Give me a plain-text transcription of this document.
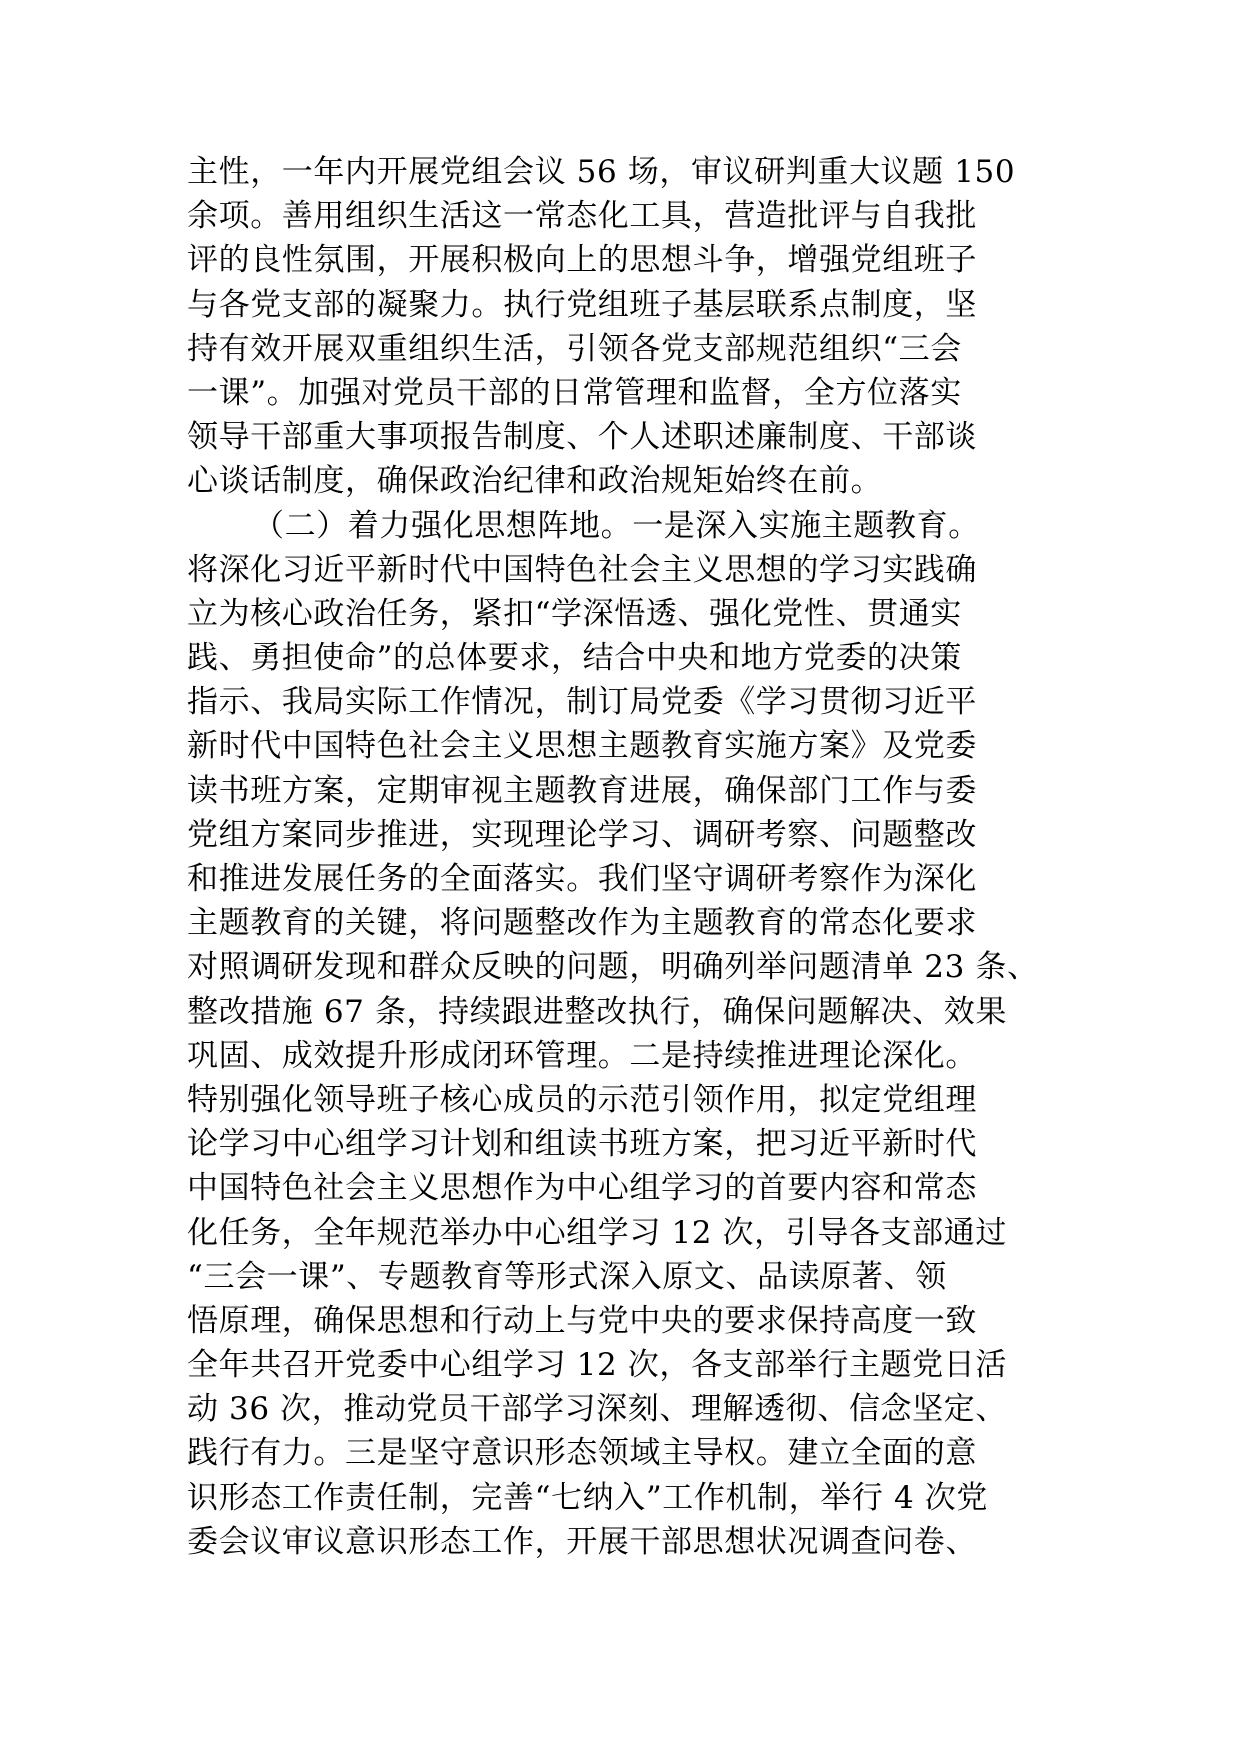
主性，一年内开展党组会议 56 场，审议研判重大议题 150
余项。善用组织生活这一常态化工具，营造批评与自我批
评的良性氛围，开展积极向上的思想斗争，增强党组班子
与各党支部的凝聚力。执行党组班子基层联系点制度，坚
持有效开展双重组织生活，引领各党支部规范组织“三会
一课”。加强对党员干部的日常管理和监督，全方位落实
领导干部重大事项报告制度、个人述职述廉制度、干部谈
心谈话制度，确保政治纪律和政治规矩始终在前。
（二）着力强化思想阵地。一是深入实施主题教育。
将深化习近平新时代中国特色社会主义思想的学习实践确
立为核心政治任务，紧扣“学深悟透、强化党性、贯通实
践、勇担使命”的总体要求，结合中央和地方党委的决策
指示、我局实际工作情况，制订局党委《学习贯彻习近平
新时代中国特色社会主义思想主题教育实施方案》及党委
读书班方案，定期审视主题教育进展，确保部门工作与委
党组方案同步推进，实现理论学习、调研考察、问题整改
和推进发展任务的全面落实。我们坚守调研考察作为深化
主题教育的关键，将问题整改作为主题教育的常态化要求
对照调研发现和群众反映的问题，明确列举问题清单 23 条、
整改措施 67 条，持续跟进整改执行，确保问题解决、效果
巩固、成效提升形成闭环管理。二是持续推进理论深化。
特别强化领导班子核心成员的示范引领作用，拟定党组理
论学习中心组学习计划和组读书班方案，把习近平新时代
中国特色社会主义思想作为中心组学习的首要内容和常态
化任务，全年规范举办中心组学习 12 次，引导各支部通过
“三会一课”、专题教育等形式深入原文、品读原著、领
悟原理，确保思想和行动上与党中央的要求保持高度一致
全年共召开党委中心组学习 12 次，各支部举行主题党日活
动 36 次，推动党员干部学习深刻、理解透彻、信念坚定、
践行有力。三是坚守意识形态领域主导权。建立全面的意
识形态工作责任制，完善“七纳入”工作机制，举行 4 次党
委会议审议意识形态工作，开展干部思想状况调查问卷、
